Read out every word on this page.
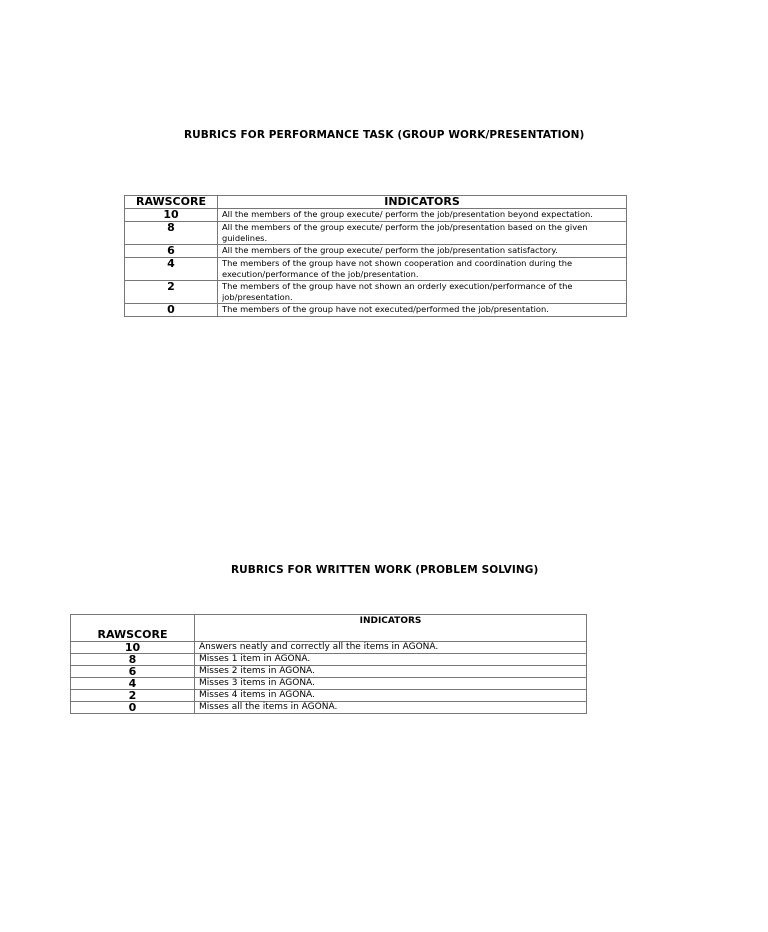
RUBRICS FOR PERFORMANCE TASK (GROUP WORK/PRESENTATION)
RAWSCORE	INDICATORS
10	All the members of the group execute/ perform the job/presentation beyond expectation.
8	All the members of the group execute/ perform the job/presentation based on the given guidelines.
6	All the members of the group execute/ perform the job/presentation satisfactory.
4	The members of the group have not shown cooperation and coordination during the execution/performance of the job/presentation.
2	The members of the group have not shown an orderly execution/performance of the job/presentation.
0	The members of the group have not executed/performed the job/presentation.
RUBRICS FOR WRITTEN WORK (PROBLEM SOLVING)
RAWSCORE	INDICATORS
10	Answers neatly and correctly all the items in AGONA.
8	Misses 1 item in AGONA.
6	Misses 2 items in AGONA.
4	Misses 3 items in AGONA.
2	Misses 4 items in AGONA.
0	Misses all the items in AGONA.
